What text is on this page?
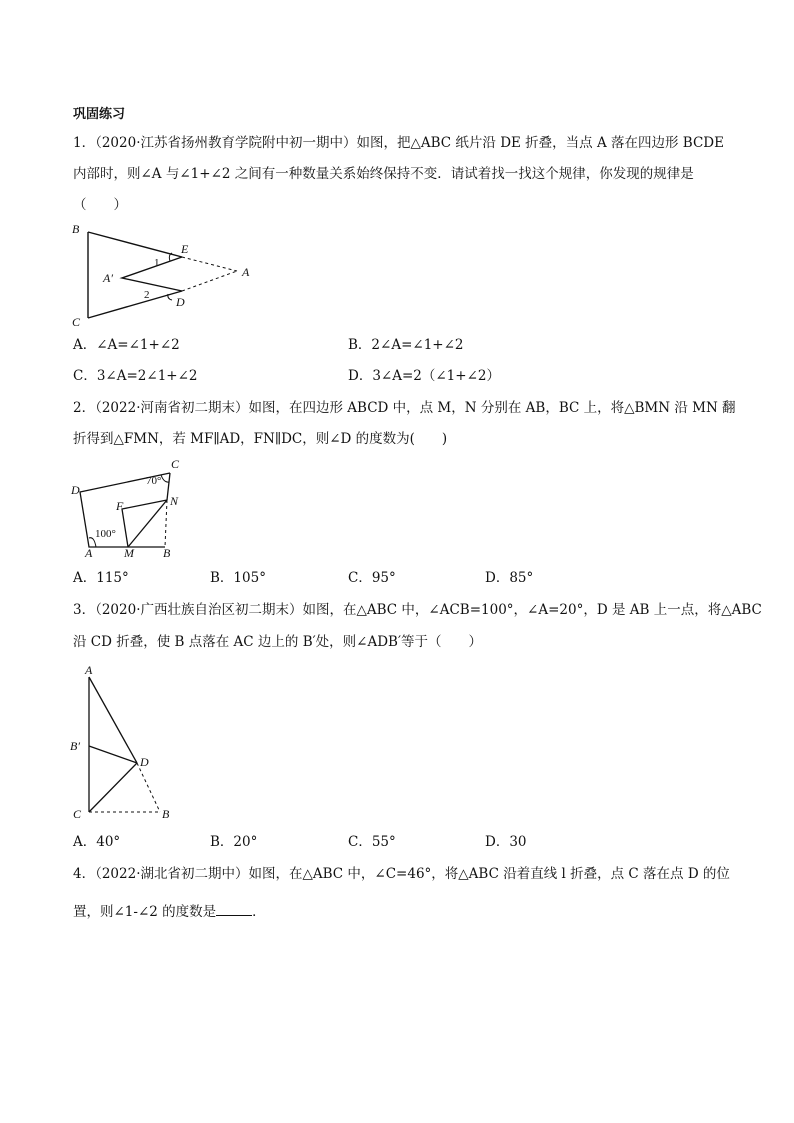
巩固练习
1．（2020·江苏省扬州教育学院附中初一期中）如图，把△ABC 纸片沿 DE 折叠，当点 A 落在四边形 BCDE
内部时，则∠A 与∠1+∠2 之间有一种数量关系始终保持不变．请试着找一找这个规律，你发现的规律是
（　　）
B
C
E
D
A
A′
1
2
A．∠A=∠1+∠2	B．2∠A=∠1+∠2
C．3∠A=2∠1+∠2	D．3∠A=2（∠1+∠2）
2．（2022·河南省初二期末）如图，在四边形 ABCD 中，点 M，N 分别在 AB，BC 上，将△BMN 沿 MN 翻
折得到△FMN，若 MF∥AD，FN∥DC，则∠D 的度数为(　　)
C
D
F	N
A	M B
70°
100°
A．115°	B．105°	C．95°	D．85°
3．（2020·广西壮族自治区初二期末）如图，在△ABC 中，∠ACB=100°，∠A=20°，D 是 AB 上一点，将△ABC
沿 CD 折叠，使 B 点落在 AC 边上的 B′处，则∠ADB′等于（　　）
A
B′
D
C	B
A．40°	B．20°	C．55°	D．30
4．（2022·湖北省初二期中）如图，在△ABC 中，∠C=46°，将△ABC 沿着直线 l 折叠，点 C 落在点 D 的位
置，则∠1-∠2 的度数是	．
